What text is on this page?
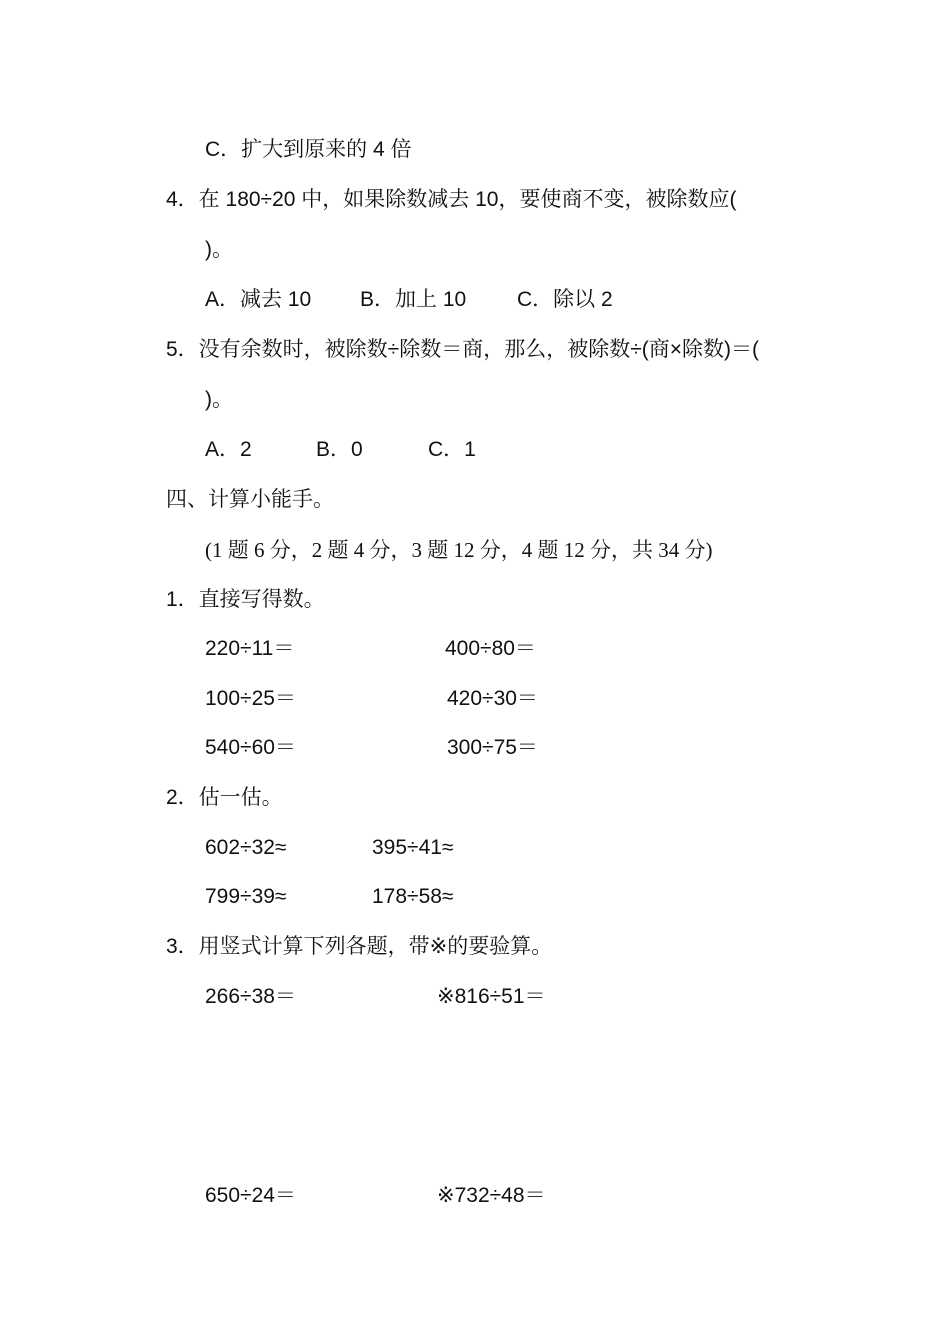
C．扩大到原来的 4 倍
4．在 180÷20 中，如果除数减去 10，要使商不变，被除数应(
)。
A．减去 10 B．加上 10 C．除以 2
5．没有余数时，被除数÷除数＝商，那么，被除数÷(商×除数)＝(
)。
A．2	B．0	C．1
四、计算小能手。
(1 题 6 分，2 题 4 分，3 题 12 分，4 题 12 分，共 34 分)
1．直接写得数。
220÷11＝	400÷80＝
100÷25＝	420÷30＝
540÷60＝	300÷75＝
2．估一估。
602÷32≈	395÷41≈
799÷39≈	178÷58≈
3．用竖式计算下列各题，带※的要验算。
266÷38＝	※816÷51＝
650÷24＝	※732÷48＝
